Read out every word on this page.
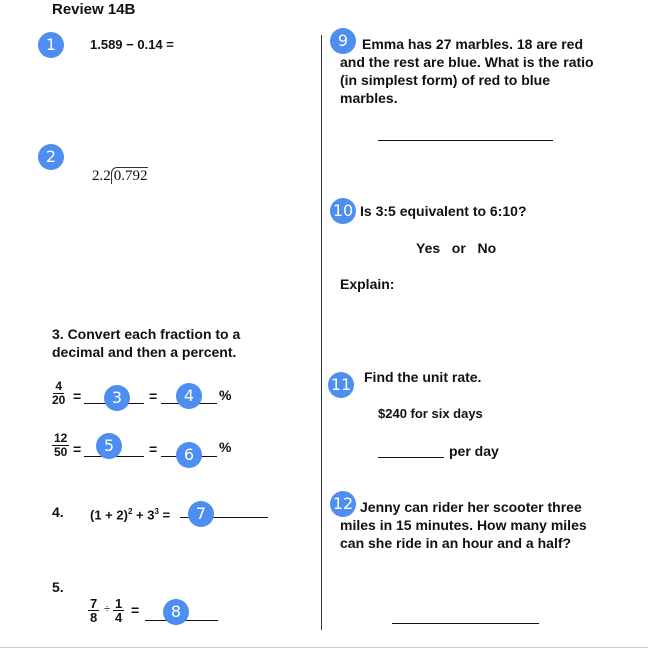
Review 14B
1	1.589 − 0.14 =
2
2.2 0.792
3. Convert each fraction to a decimal and then a percent.
$\frac{4}{20}$ =	3	=	4	%
$\frac{12}{50}$ =	5	=	6	%
4. $(1 + 2)^2 + 3^3$ =	7
5.
$\frac{7}{8} \div \frac{1}{4}$ =	8
9 Emma has 27 marbles. 18 are red and the rest are blue. What is the ratio (in simplest form) of red to blue marbles.
10 Is 3:5 equivalent to 6:10?
Yes   or   No
Explain:
11 Find the unit rate.
$240 for six days
per day
12 Jenny can rider her scooter three miles in 15 minutes. How many miles can she ride in an hour and a half?
